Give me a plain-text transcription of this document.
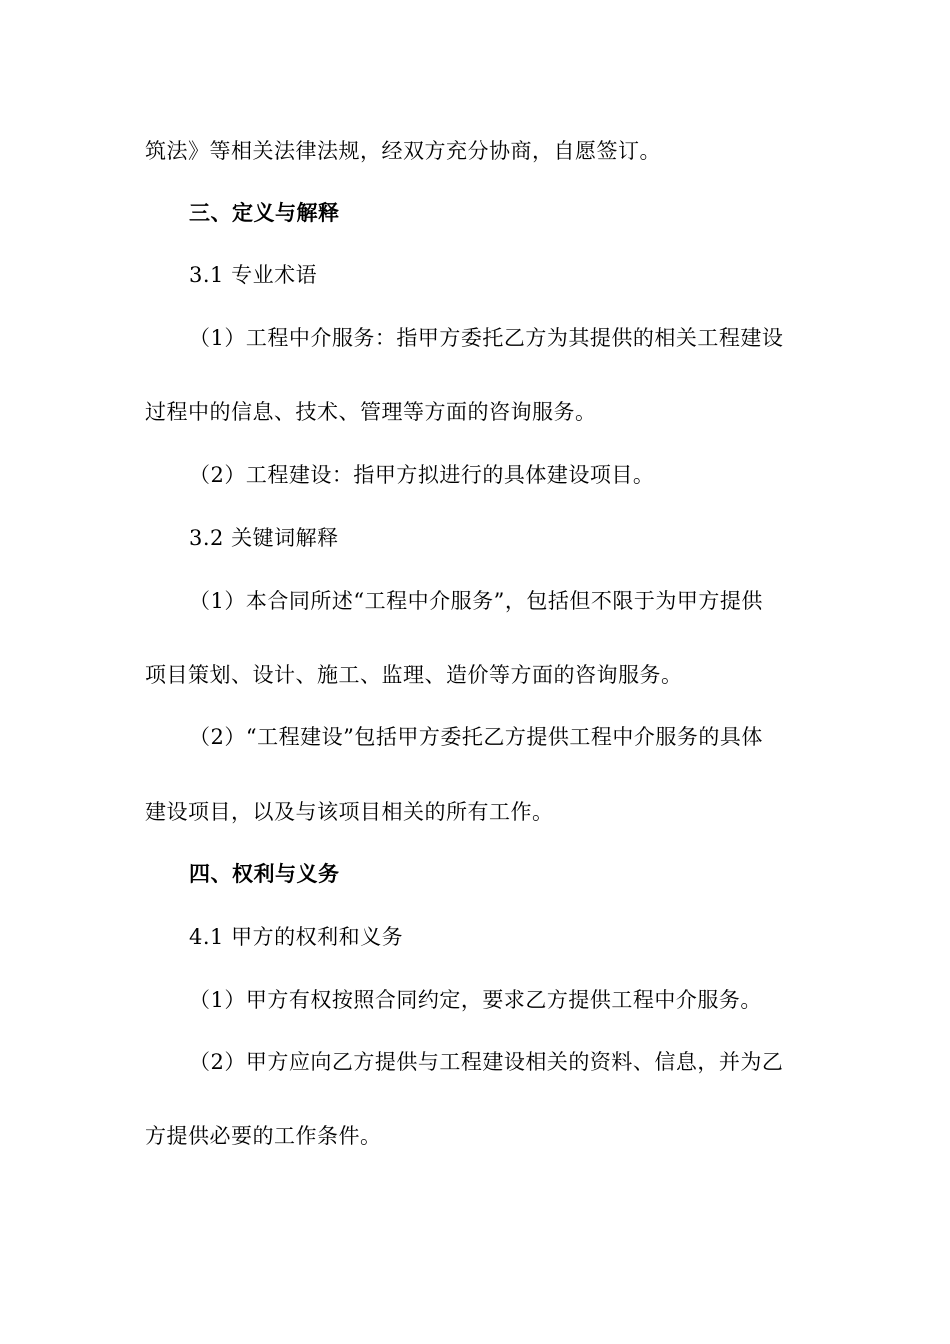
筑法》等相关法律法规，经双方充分协商，自愿签订。
三、定义与解释
3.1 专业术语
（1）工程中介服务：指甲方委托乙方为其提供的相关工程建设
过程中的信息、技术、管理等方面的咨询服务。
（2）工程建设：指甲方拟进行的具体建设项目。
3.2 关键词解释
（1）本合同所述“工程中介服务”，包括但不限于为甲方提供
项目策划、设计、施工、监理、造价等方面的咨询服务。
（2）“工程建设”包括甲方委托乙方提供工程中介服务的具体
建设项目，以及与该项目相关的所有工作。
四、权利与义务
4.1 甲方的权利和义务
（1）甲方有权按照合同约定，要求乙方提供工程中介服务。
（2）甲方应向乙方提供与工程建设相关的资料、信息，并为乙
方提供必要的工作条件。
